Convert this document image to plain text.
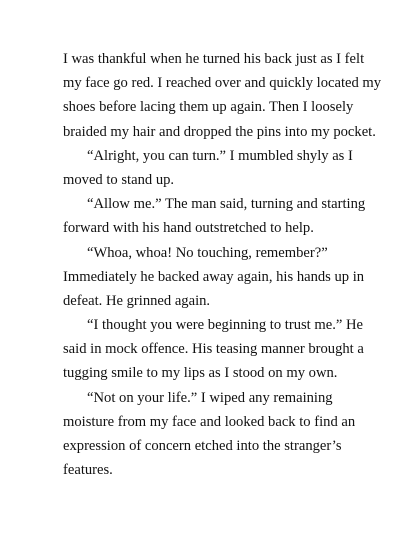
I was thankful when he turned his back just as I felt
my face go red. I reached over and quickly located my
shoes before lacing them up again. Then I loosely
braided my hair and dropped the pins into my pocket.
“Alright, you can turn.” I mumbled shyly as I
moved to stand up.
“Allow me.” The man said, turning and starting
forward with his hand outstretched to help.
“Whoa, whoa! No touching, remember?”
Immediately he backed away again, his hands up in
defeat. He grinned again.
“I thought you were beginning to trust me.” He
said in mock offence. His teasing manner brought a
tugging smile to my lips as I stood on my own.
“Not on your life.” I wiped any remaining
moisture from my face and looked back to find an
expression of concern etched into the stranger’s
features.
